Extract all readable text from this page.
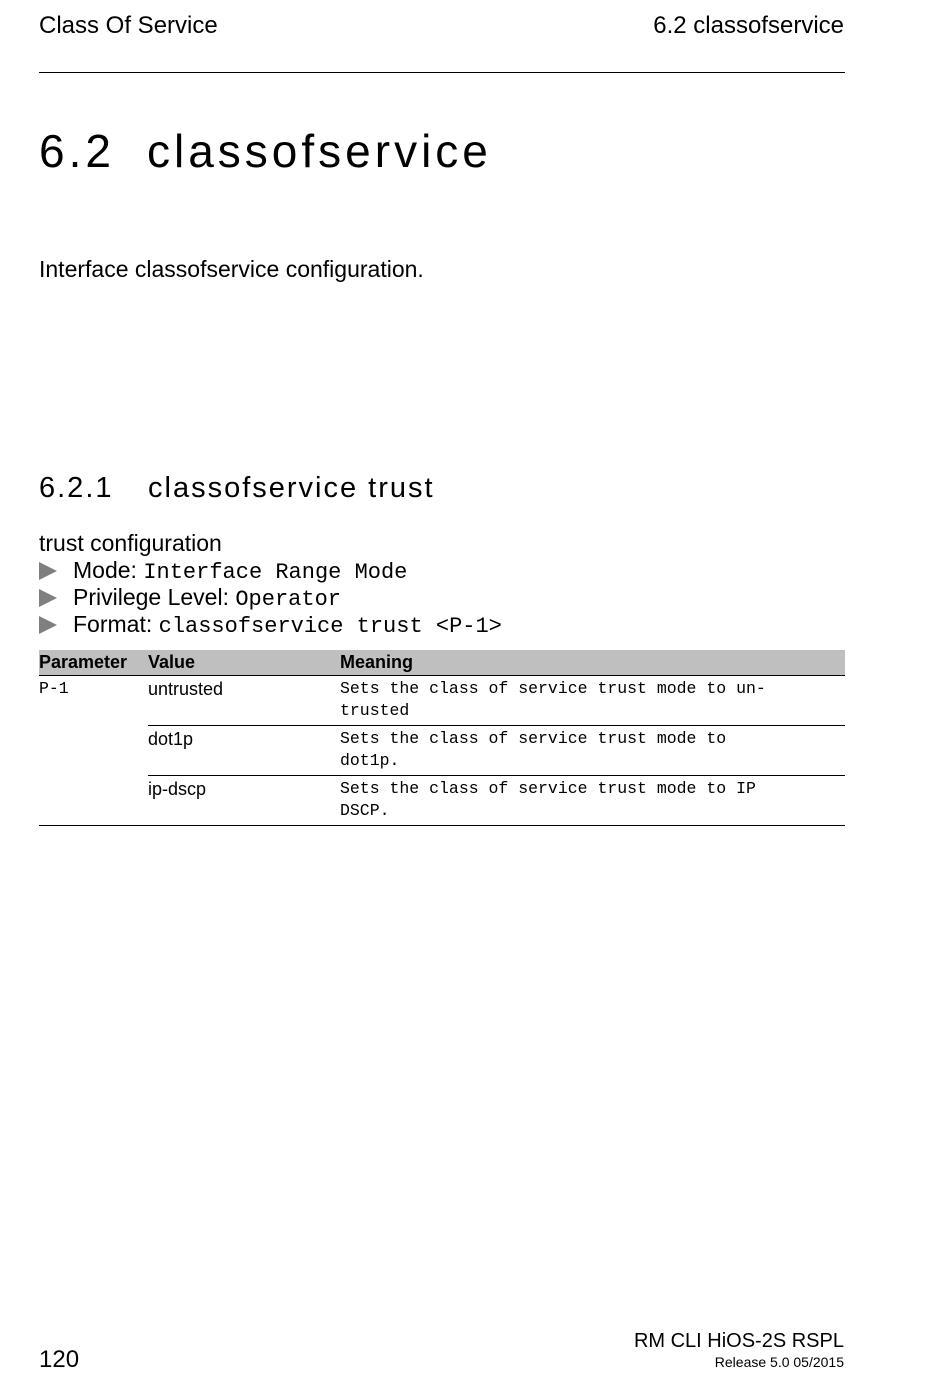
Class Of Service	6.2 classofservice
6.2 classofservice
Interface classofservice configuration.
6.2.1 classofservice trust
trust configuration
Mode: Interface Range Mode
Privilege Level: Operator
Format: classofservice trust <P-1>
Parameter	Value	Meaning
P-1	untrusted	Sets the class of service trust mode to un-
trusted
	dot1p	Sets the class of service trust mode to
dot1p.
	ip-dscp	Sets the class of service trust mode to IP
DSCP.
120
RM CLI HiOS-2S RSPL
Release 5.0 05/2015
